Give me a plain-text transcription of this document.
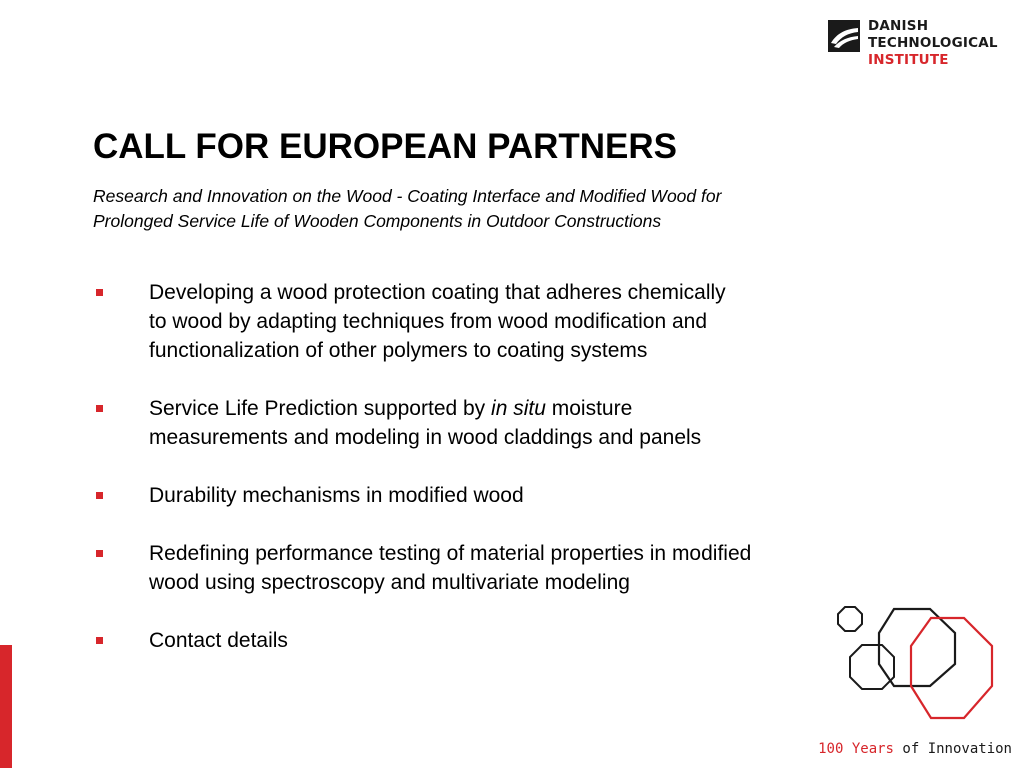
DANISH
TECHNOLOGICAL
INSTITUTE
CALL FOR EUROPEAN PARTNERS

Research and Innovation on the Wood - Coating Interface and Modified Wood for
Prolonged Service Life of Wooden Components in Outdoor Constructions

Developing a wood protection coating that adheres chemically
to wood by adapting techniques from wood modification and
functionalization of other polymers to coating systems
Service Life Prediction supported by in situ moisture
measurements and modeling in wood claddings and panels
Durability mechanisms in modified wood
Redefining performance testing of material properties in modified
wood using spectroscopy and multivariate modeling
Contact details
100 Years of Innovation
